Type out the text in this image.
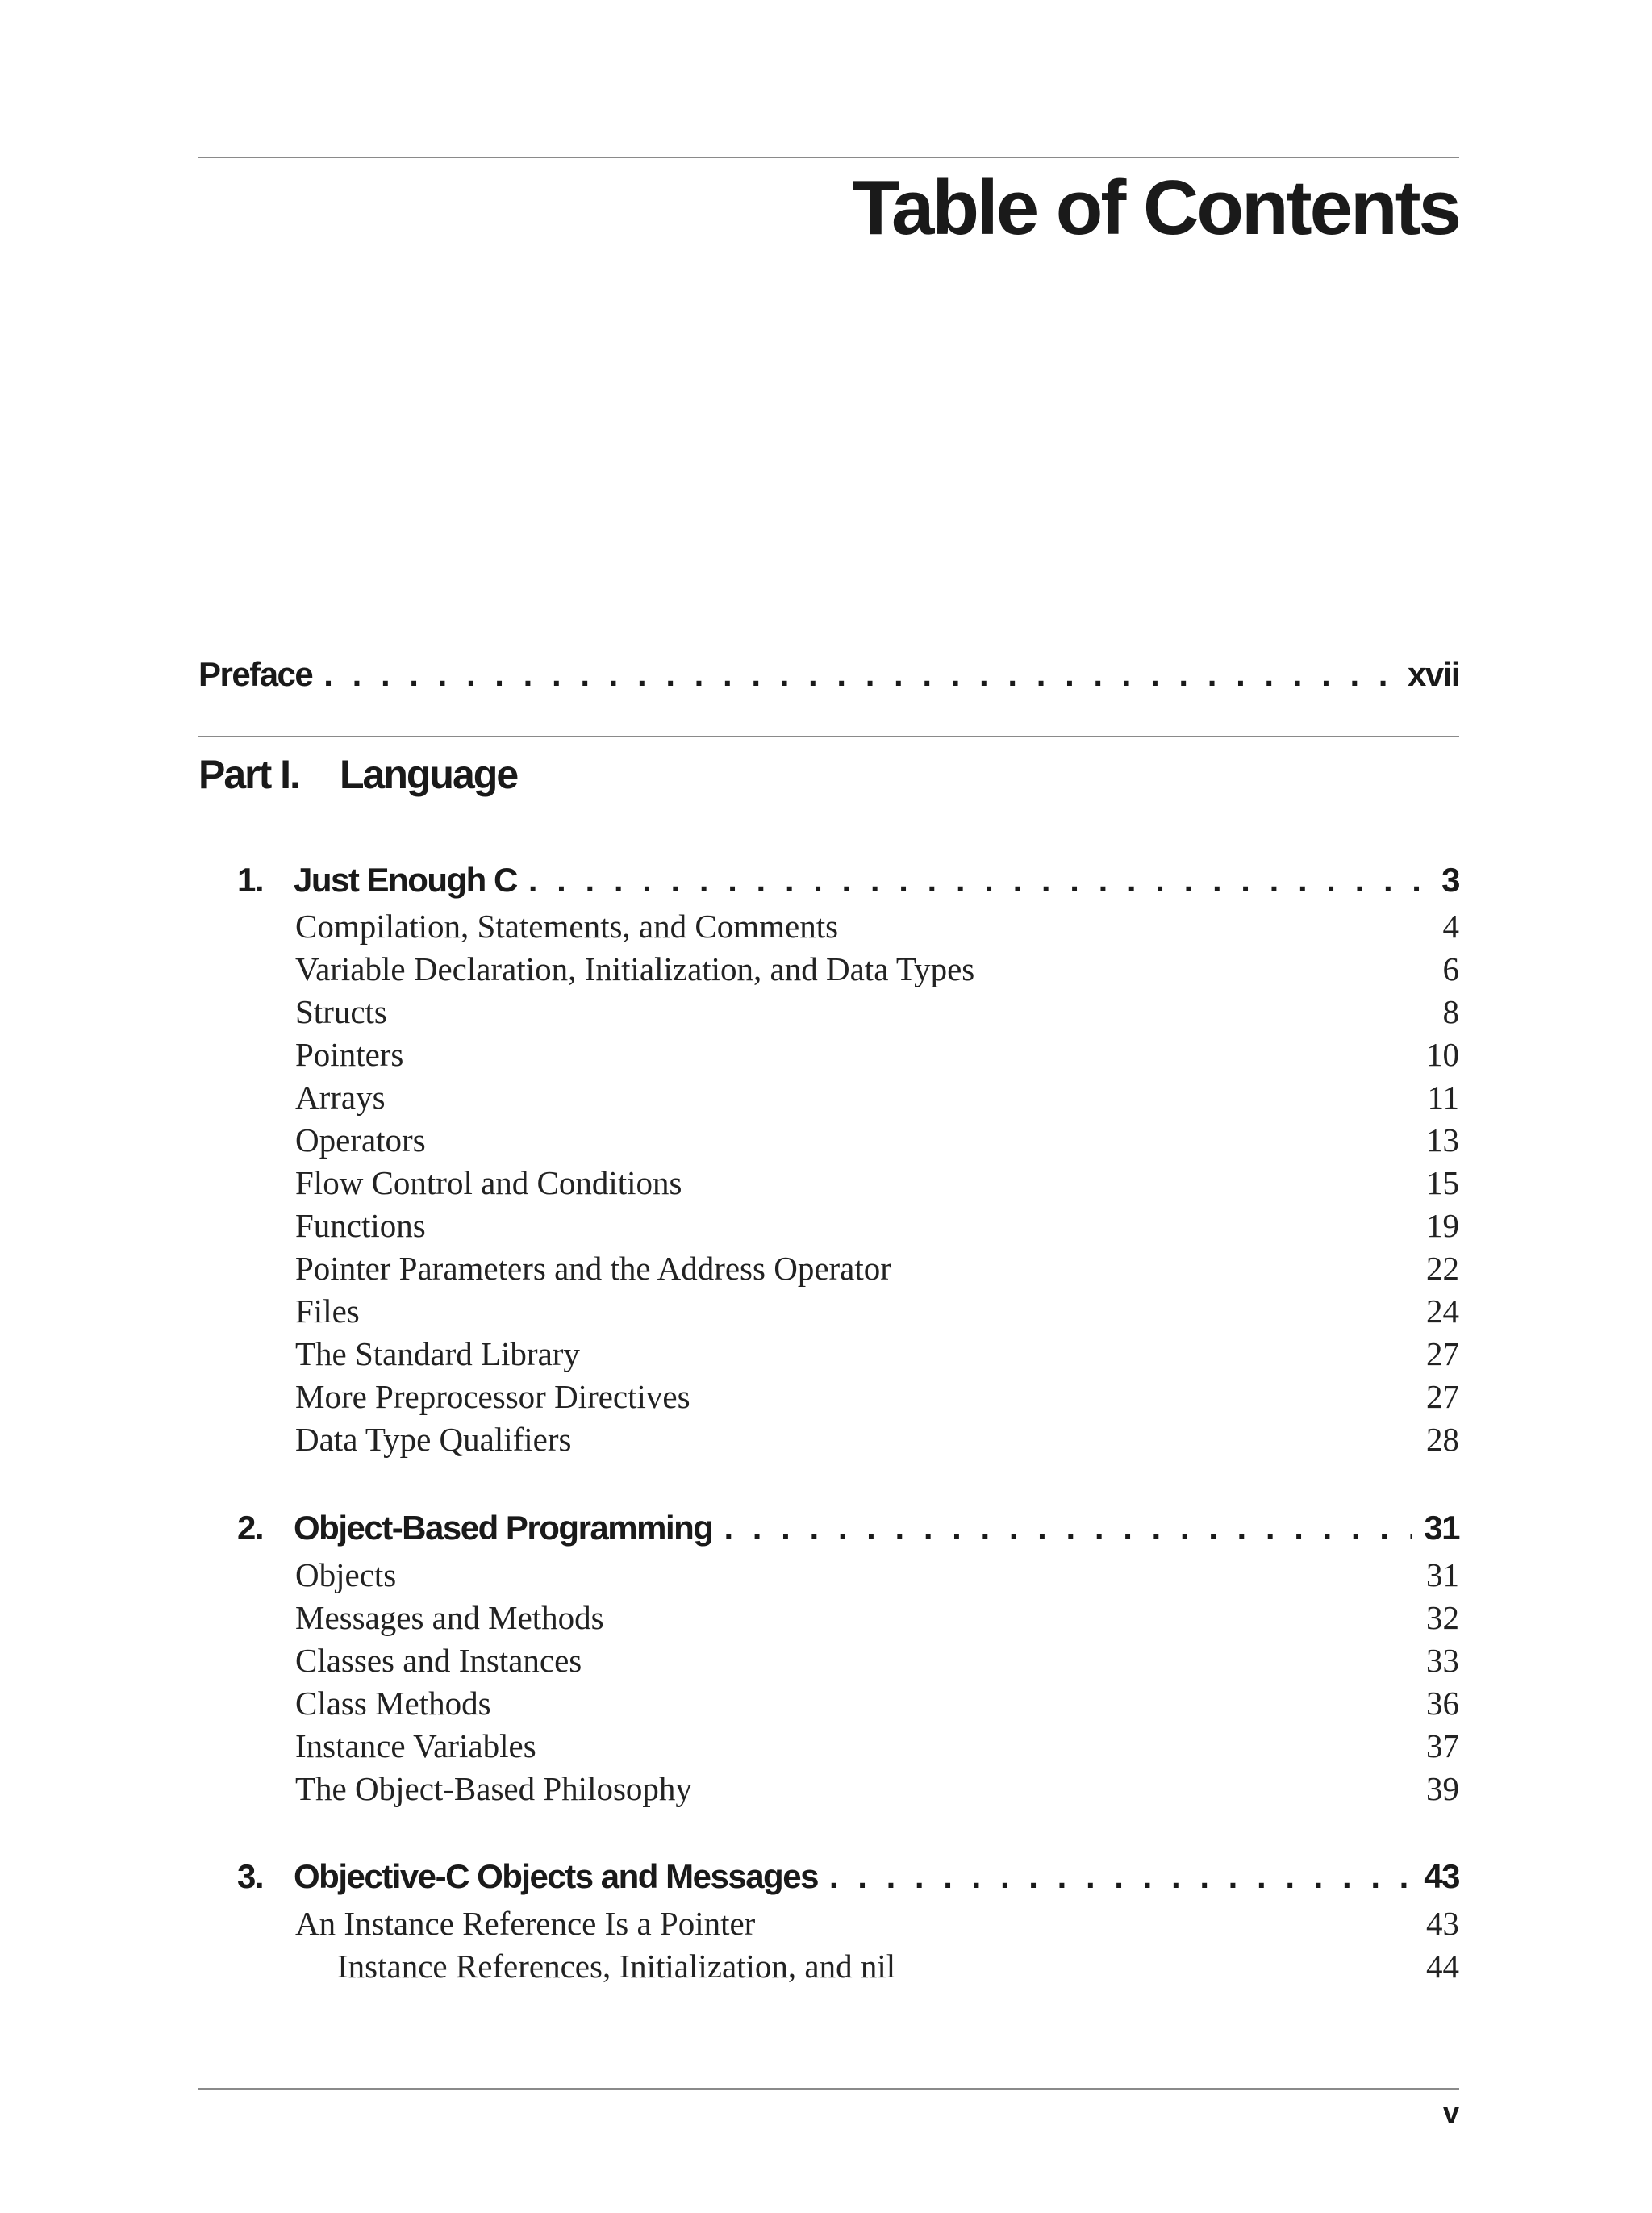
Table of Contents
Preface . . .	xvii
Part I. Language
1. Just Enough C . . .	3
Compilation, Statements, and Comments	4
Variable Declaration, Initialization, and Data Types	6
Structs	8
Pointers	10
Arrays	11
Operators	13
Flow Control and Conditions	15
Functions	19
Pointer Parameters and the Address Operator	22
Files	24
The Standard Library	27
More Preprocessor Directives	27
Data Type Qualifiers	28
2. Object-Based Programming . . .	31
Objects	31
Messages and Methods	32
Classes and Instances	33
Class Methods	36
Instance Variables	37
The Object-Based Philosophy	39
3. Objective-C Objects and Messages . . .	43
An Instance Reference Is a Pointer	43
Instance References, Initialization, and nil	44
v
